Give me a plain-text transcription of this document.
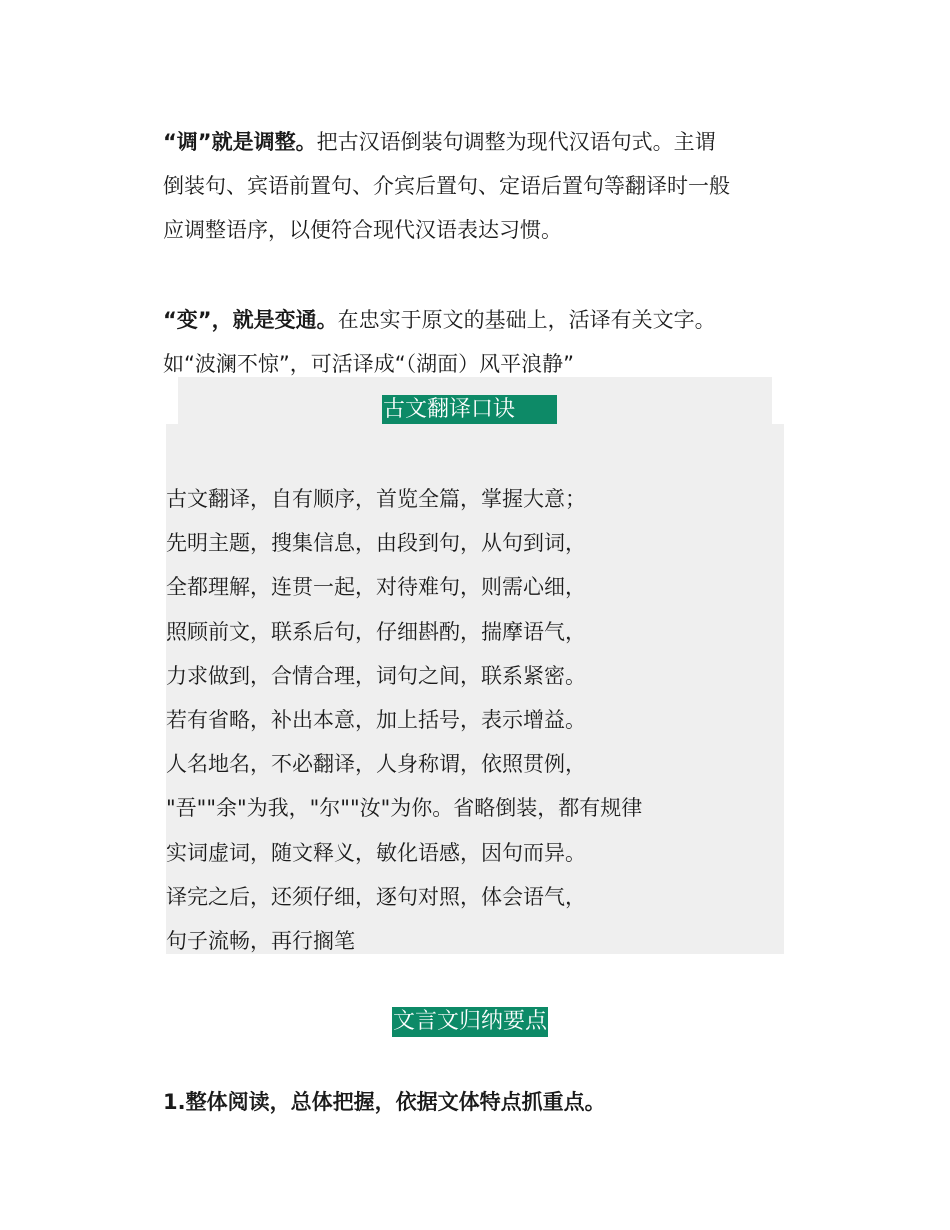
“调”就是调整。把古汉语倒装句调整为现代汉语句式。主谓
倒装句、宾语前置句、介宾后置句、定语后置句等翻译时一般
应调整语序，以便符合现代汉语表达习惯。
“变”，就是变通。在忠实于原文的基础上，活译有关文字。
如“波澜不惊”，可活译成“（湖面）风平浪静”
古文翻译口诀
古文翻译，自有顺序，首览全篇，掌握大意；
先明主题，搜集信息，由段到句，从句到词，
全都理解，连贯一起，对待难句，则需心细，
照顾前文，联系后句，仔细斟酌，揣摩语气，
力求做到，合情合理，词句之间，联系紧密。
若有省略，补出本意，加上括号，表示增益。
人名地名，不必翻译，人身称谓，依照贯例，
"吾""余"为我，"尔""汝"为你。省略倒装，都有规律
实词虚词，随文释义，敏化语感，因句而异。
译完之后，还须仔细，逐句对照，体会语气，
句子流畅，再行搁笔
文言文归纳要点
1.整体阅读，总体把握，依据文体特点抓重点。
